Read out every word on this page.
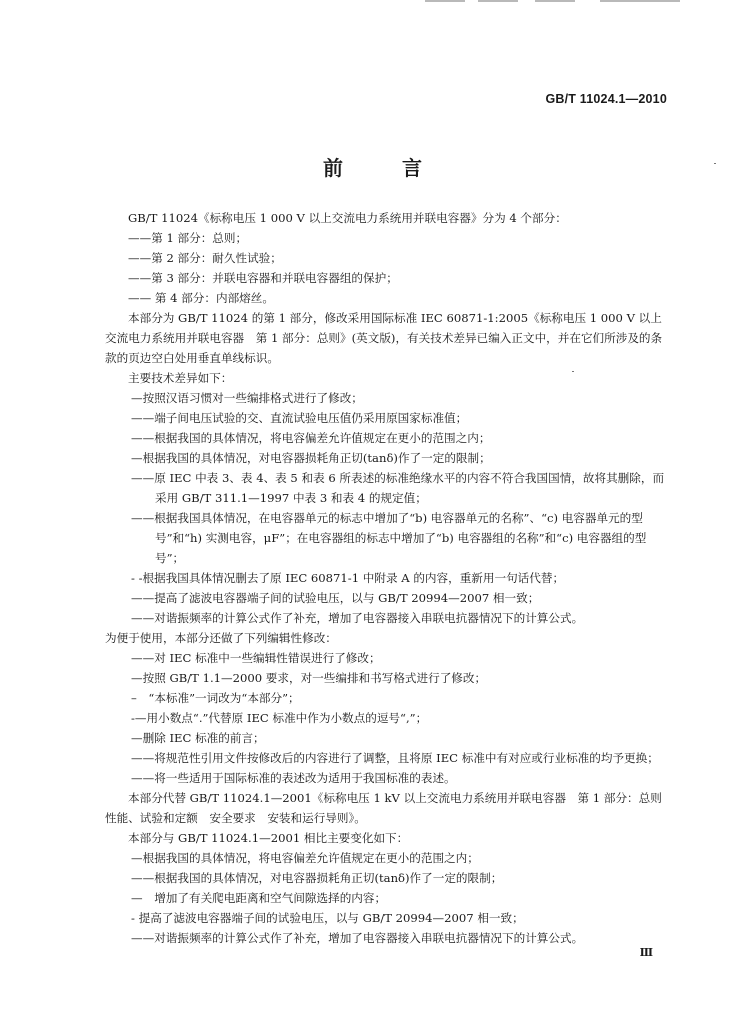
GB/T 11024.1—2010
前 言

GB/T 11024《标称电压 1 000 V 以上交流电力系统用并联电容器》分为 4 个部分：

——第 1 部分：总则；

——第 2 部分：耐久性试验；

——第 3 部分：并联电容器和并联电容器组的保护；

—— 第 4 部分：内部熔丝。

本部分为 GB/T 11024 的第 1 部分，修改采用国际标准 IEC 60871-1:2005《标称电压 1 000 V 以上交流电力系统用并联电容器　第 1 部分：总则》(英文版)，有关技术差异已编入正文中，并在它们所涉及的条款的页边空白处用垂直单线标识。

主要技术差异如下：

—按照汉语习惯对一些编排格式进行了修改；

——端子间电压试验的交、直流试验电压值仍采用原国家标准值；

——根据我国的具体情况，将电容偏差允许值规定在更小的范围之内；

—根据我国的具体情况，对电容器损耗角正切(tanδ)作了一定的限制；

——原 IEC 中表 3、表 4、表 5 和表 6 所表述的标准绝缘水平的内容不符合我国国情，故将其删除，而采用 GB/T 311.1—1997 中表 3 和表 4 的规定值；

——根据我国具体情况，在电容器单元的标志中增加了“b) 电容器单元的名称”、“c) 电容器单元的型号”和“h) 实测电容，μF”；在电容器组的标志中增加了“b) 电容器组的名称”和“c) 电容器组的型号”；

- -根据我国具体情况删去了原 IEC 60871-1 中附录 A 的内容，重新用一句话代替；

——提高了滤波电容器端子间的试验电压，以与 GB/T 20994—2007 相一致；

——对谐振频率的计算公式作了补充，增加了电容器接入串联电抗器情况下的计算公式。

为便于使用，本部分还做了下列编辑性修改：

——对 IEC 标准中一些编辑性错误进行了修改；

—按照 GB/T 1.1—2000 要求，对一些编排和书写格式进行了修改；

–　“本标准”一词改为“本部分”；

-—用小数点“.”代替原 IEC 标准中作为小数点的逗号“,”；

—删除 IEC 标准的前言；

——将规范性引用文件按修改后的内容进行了调整，且将原 IEC 标准中有对应或行业标准的均予更换；

——将一些适用于国际标准的表述改为适用于我国标准的表述。

本部分代替 GB/T 11024.1—2001《标称电压 1 kV 以上交流电力系统用并联电容器　第 1 部分：总则　性能、试验和定额　安全要求　安装和运行导则》。

本部分与 GB/T 11024.1—2001 相比主要变化如下：

—根据我国的具体情况，将电容偏差允许值规定在更小的范围之内；

——根据我国的具体情况，对电容器损耗角正切(tanδ)作了一定的限制；

—　增加了有关爬电距离和空气间隙选择的内容；

- 提高了滤波电容器端子间的试验电压，以与 GB/T 20994—2007 相一致；

——对谐振频率的计算公式作了补充，增加了电容器接入串联电抗器情况下的计算公式。

Ⅲ
